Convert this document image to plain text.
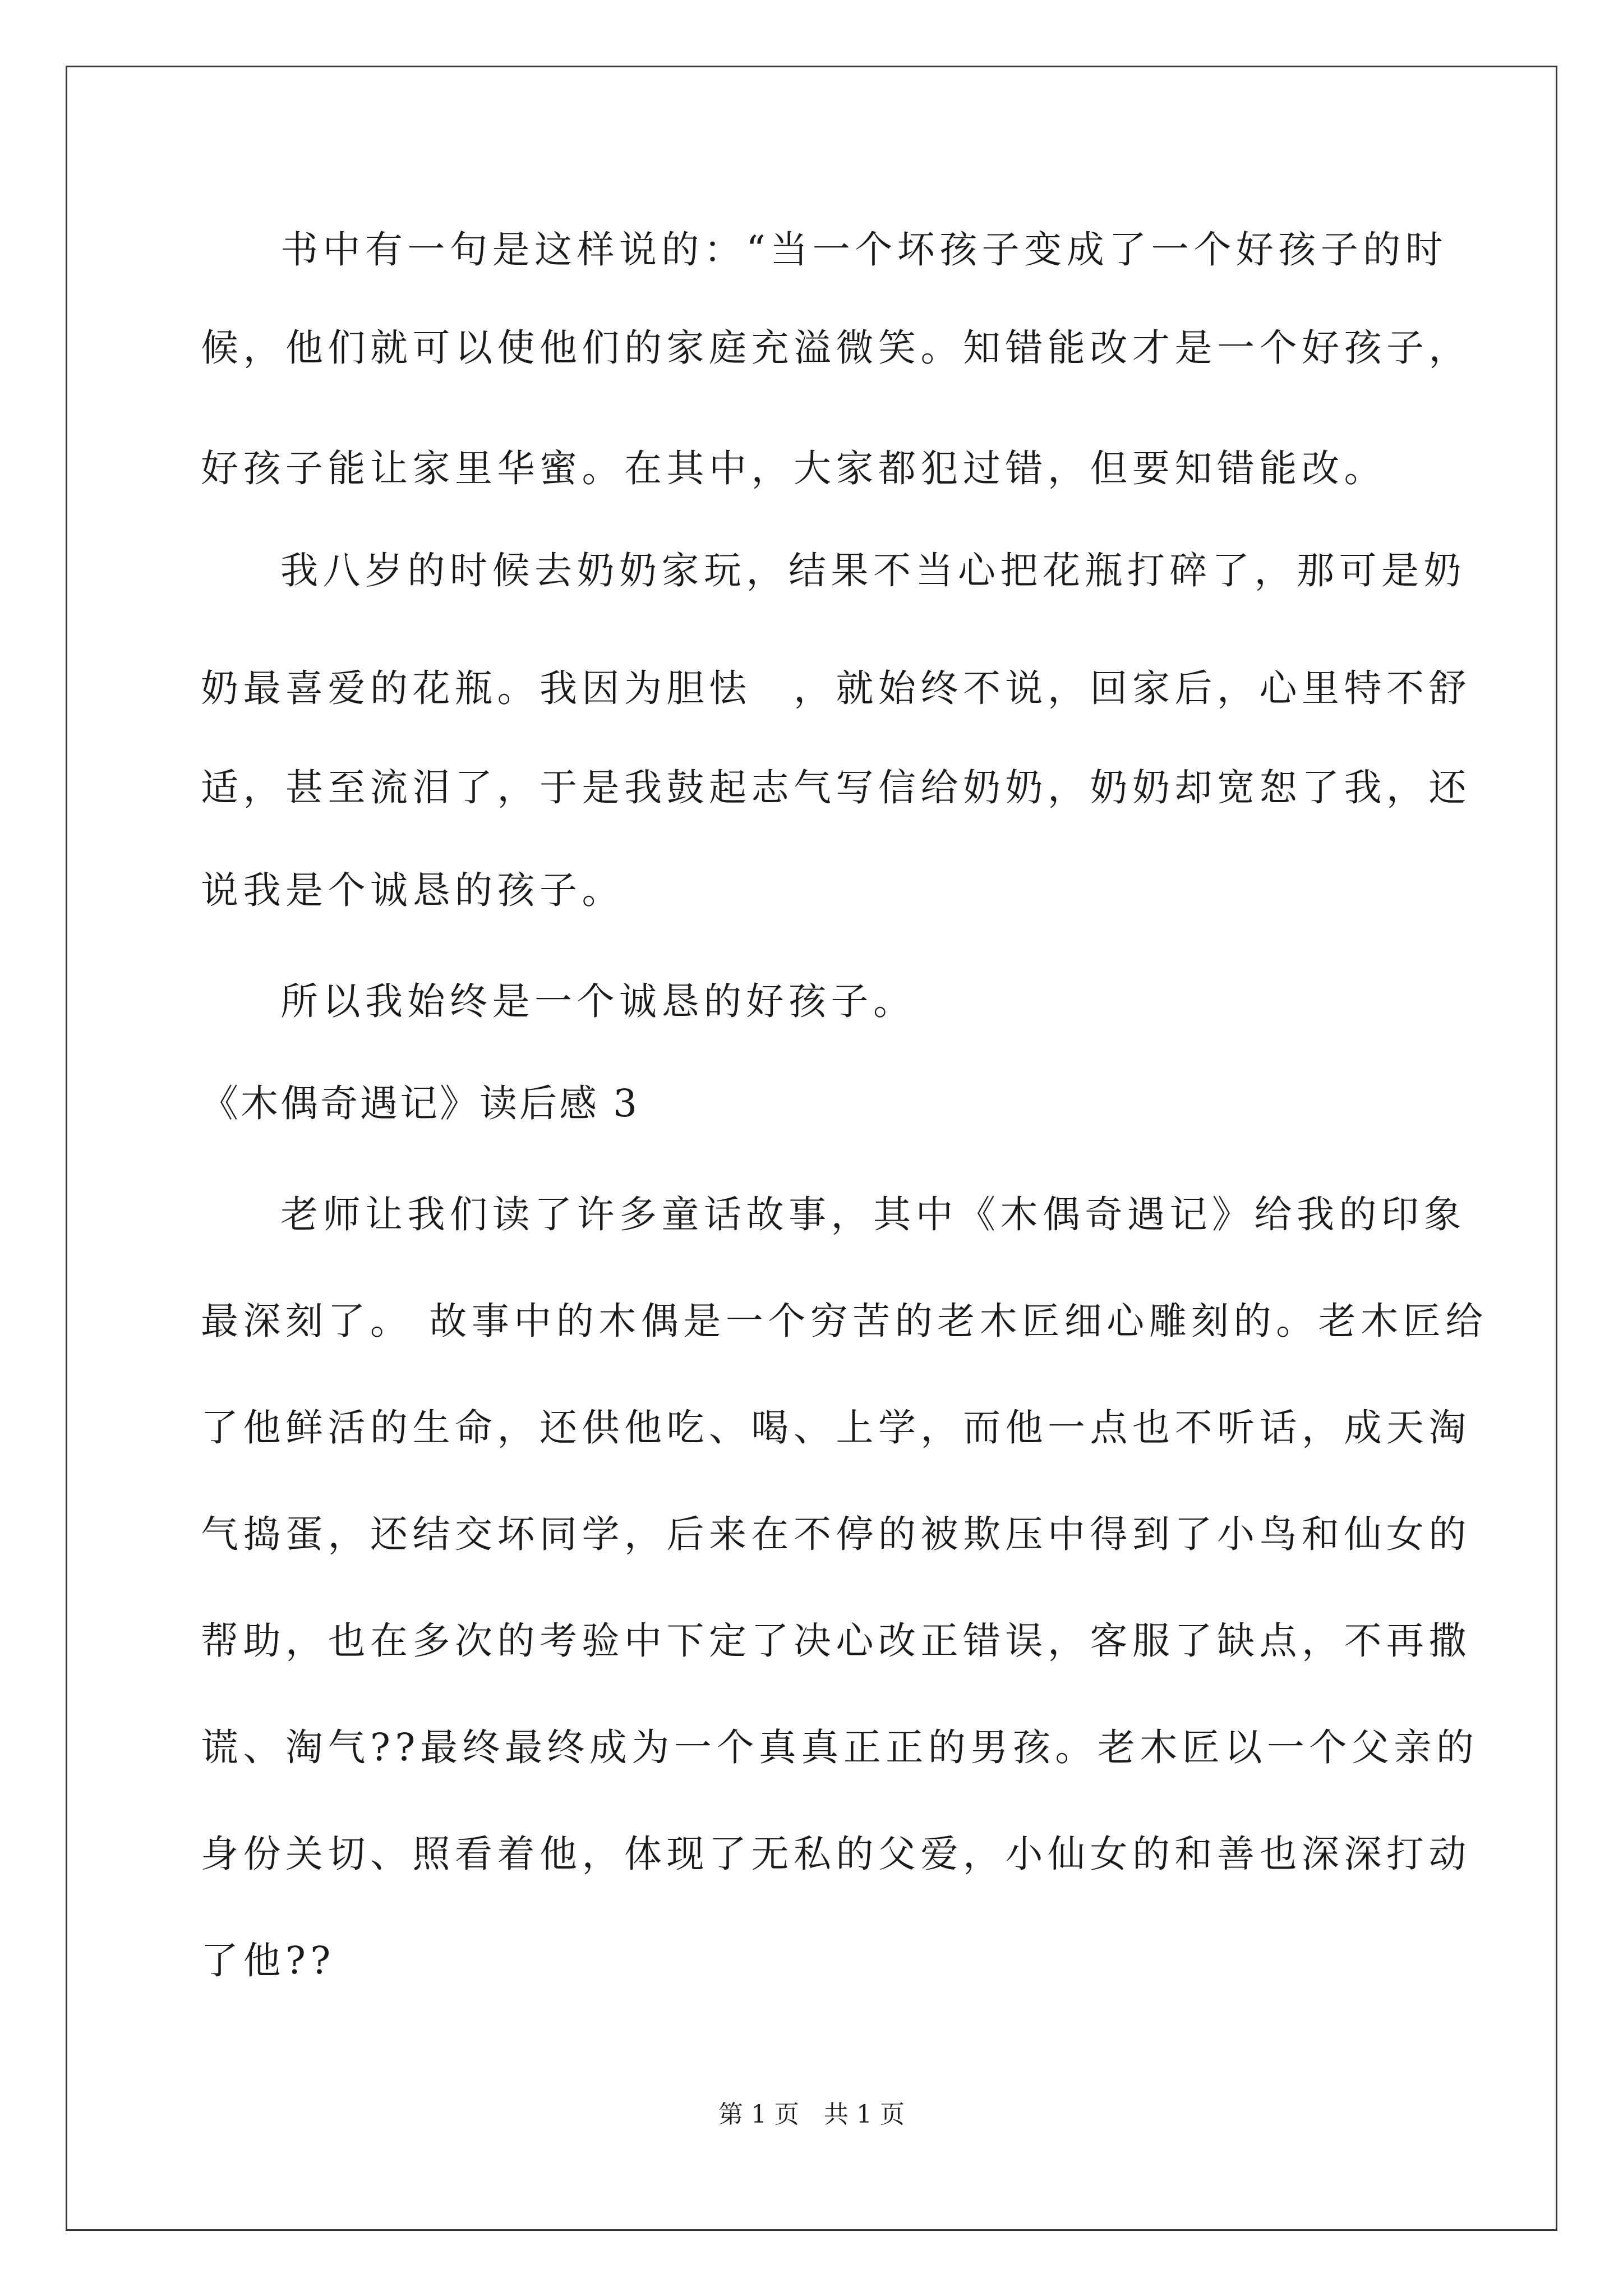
书中有一句是这样说的：“当一个坏孩子变成了一个好孩子的时
候，他们就可以使他们的家庭充溢微笑。知错能改才是一个好孩子，
好孩子能让家里华蜜。在其中，大家都犯过错，但要知错能改。
我八岁的时候去奶奶家玩，结果不当心把花瓶打碎了，那可是奶
奶最喜爱的花瓶。我因为胆怯　，就始终不说，回家后，心里特不舒
适，甚至流泪了，于是我鼓起志气写信给奶奶，奶奶却宽恕了我，还
说我是个诚恳的孩子。
所以我始终是一个诚恳的好孩子。
《木偶奇遇记》读后感 3
老师让我们读了许多童话故事，其中《木偶奇遇记》给我的印象
最深刻了。 故事中的木偶是一个穷苦的老木匠细心雕刻的。老木匠给
了他鲜活的生命，还供他吃、喝、上学，而他一点也不听话，成天淘
气捣蛋，还结交坏同学，后来在不停的被欺压中得到了小鸟和仙女的
帮助，也在多次的考验中下定了决心改正错误，客服了缺点，不再撒
谎、淘气??最终最终成为一个真真正正的男孩。老木匠以一个父亲的
身份关切、照看着他，体现了无私的父爱，小仙女的和善也深深打动
了他??
第 1 页　共 1 页
